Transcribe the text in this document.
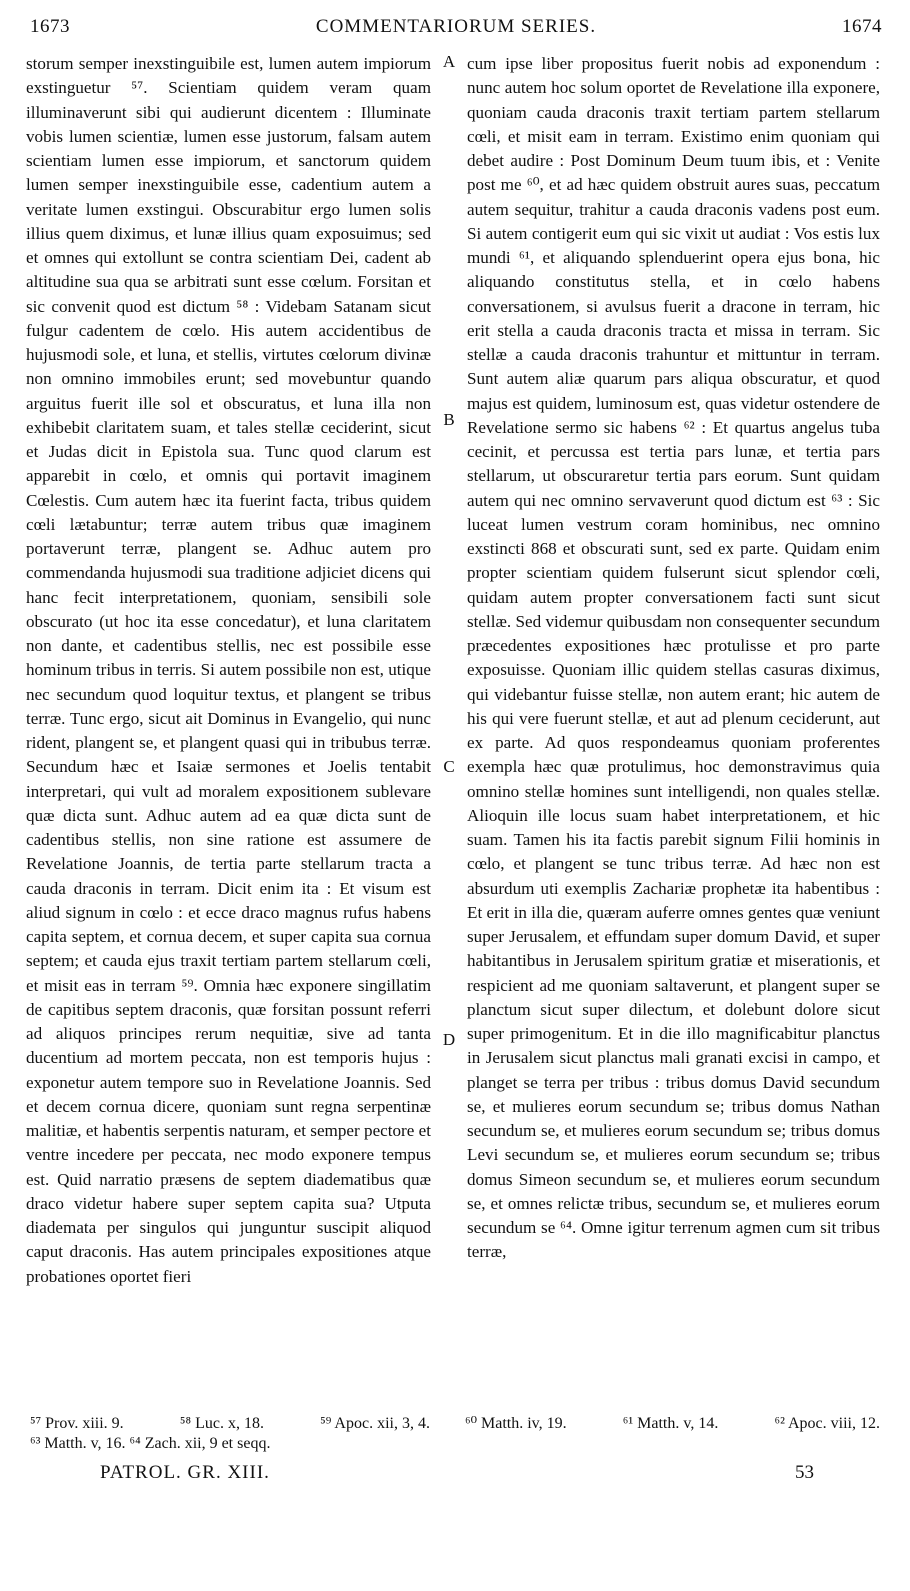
1673	COMMENTARIORUM SERIES.	1674

storum semper inexstinguibile est, lumen autem impiorum exstinguetur ⁵⁷. Scientiam quidem veram quam illuminaverunt sibi qui audierunt dicentem : Illuminate vobis lumen scientiæ, lumen esse justorum, falsam autem scientiam lumen esse impiorum, et sanctorum quidem lumen semper inexstinguibile esse, cadentium autem a veritate lumen exstingui. Obscurabitur ergo lumen solis illius quem diximus, et lunæ illius quam exposuimus; sed et omnes qui extollunt se contra scientiam Dei, cadent ab altitudine sua qua se arbitrati sunt esse cœlum. Forsitan et sic convenit quod est dictum ⁵⁸ : Videbam Satanam sicut fulgur cadentem de cœlo. His autem accidentibus de hujusmodi sole, et luna, et stellis, virtutes cœlorum divinæ non omnino immobiles erunt; sed movebuntur quando arguitus fuerit ille sol et obscuratus, et luna illa non exhibebit claritatem suam, et tales stellæ ceciderint, sicut et Judas dicit in Epistola sua. Tunc quod clarum est apparebit in cœlo, et omnis qui portavit imaginem Cœlestis. Cum autem hæc ita fuerint facta, tribus quidem cœli lætabuntur; terræ autem tribus quæ imaginem portaverunt terræ, plangent se. Adhuc autem pro commendanda hujusmodi sua traditione adjiciet dicens qui hanc fecit interpretationem, quoniam, sensibili sole obscurato (ut hoc ita esse concedatur), et luna claritatem non dante, et cadentibus stellis, nec est possibile esse hominum tribus in terris. Si autem possibile non est, utique nec secundum quod loquitur textus, et plangent se tribus terræ. Tunc ergo, sicut ait Dominus in Evangelio, qui nunc rident, plangent se, et plangent quasi qui in tribubus terræ. Secundum hæc et Isaiæ sermones et Joelis tentabit interpretari, qui vult ad moralem expositionem sublevare quæ dicta sunt. Adhuc autem ad ea quæ dicta sunt de cadentibus stellis, non sine ratione est assumere de Revelatione Joannis, de tertia parte stellarum tracta a cauda draconis in terram. Dicit enim ita : Et visum est aliud signum in cœlo : et ecce draco magnus rufus habens capita septem, et cornua decem, et super capita sua cornua septem; et cauda ejus traxit tertiam partem stellarum cœli, et misit eas in terram ⁵⁹. Omnia hæc exponere singillatim de capitibus septem draconis, quæ forsitan possunt referri ad aliquos principes rerum nequitiæ, sive ad tanta ducentium ad mortem peccata, non est temporis hujus : exponetur autem tempore suo in Revelatione Joannis. Sed et decem cornua dicere, quoniam sunt regna serpentinæ malitiæ, et habentis serpentis naturam, et semper pectore et ventre incedere per peccata, nec modo exponere tempus est. Quid narratio præsens de septem diadematibus quæ draco videtur habere super septem capita sua? Utputa diademata per singulos qui junguntur suscipit aliquod caput draconis. Has autem principales expositiones atque probationes oportet fieri

A
B
C
D

cum ipse liber propositus fuerit nobis ad exponendum : nunc autem hoc solum oportet de Revelatione illa exponere, quoniam cauda draconis traxit tertiam partem stellarum cœli, et misit eam in terram. Existimo enim quoniam qui debet audire : Post Dominum Deum tuum ibis, et : Venite post me ⁶⁰, et ad hæc quidem obstruit aures suas, peccatum autem sequitur, trahitur a cauda draconis vadens post eum. Si autem contigerit eum qui sic vixit ut audiat : Vos estis lux mundi ⁶¹, et aliquando splenduerint opera ejus bona, hic aliquando constitutus stella, et in cœlo habens conversationem, si avulsus fuerit a dracone in terram, hic erit stella a cauda draconis tracta et missa in terram. Sic stellæ a cauda draconis trahuntur et mittuntur in terram. Sunt autem aliæ quarum pars aliqua obscuratur, et quod majus est quidem, luminosum est, quas videtur ostendere de Revelatione sermo sic habens ⁶² : Et quartus angelus tuba cecinit, et percussa est tertia pars lunæ, et tertia pars stellarum, ut obscuraretur tertia pars eorum. Sunt quidam autem qui nec omnino servaverunt quod dictum est ⁶³ : Sic luceat lumen vestrum coram hominibus, nec omnino exstincti 868 et obscurati sunt, sed ex parte. Quidam enim propter scientiam quidem fulserunt sicut splendor cœli, quidam autem propter conversationem facti sunt sicut stellæ. Sed videmur quibusdam non consequenter secundum præcedentes expositiones hæc protulisse et pro parte exposuisse. Quoniam illic quidem stellas casuras diximus, qui videbantur fuisse stellæ, non autem erant; hic autem de his qui vere fuerunt stellæ, et aut ad plenum ceciderunt, aut ex parte. Ad quos respondeamus quoniam proferentes exempla hæc quæ protulimus, hoc demonstravimus quia omnino stellæ homines sunt intelligendi, non quales stellæ. Alioquin ille locus suam habet interpretationem, et hic suam. Tamen his ita factis parebit signum Filii hominis in cœlo, et plangent se tunc tribus terræ. Ad hæc non est absurdum uti exemplis Zachariæ prophetæ ita habentibus : Et erit in illa die, quæram auferre omnes gentes quæ veniunt super Jerusalem, et effundam super domum David, et super habitantibus in Jerusalem spiritum gratiæ et miserationis, et respicient ad me quoniam saltaverunt, et plangent super se planctum sicut super dilectum, et dolebunt dolore sicut super primogenitum. Et in die illo magnificabitur planctus in Jerusalem sicut planctus mali granati excisi in campo, et planget se terra per tribus : tribus domus David secundum se, et mulieres eorum secundum se; tribus domus Nathan secundum se, et mulieres eorum secundum se; tribus domus Levi secundum se, et mulieres eorum secundum se; tribus domus Simeon secundum se, et mulieres eorum secundum se, et omnes relictæ tribus, secundum se, et mulieres eorum secundum se ⁶⁴. Omne igitur terrenum agmen cum sit tribus terræ,

⁵⁷ Prov. xiii. 9.	⁵⁸ Luc. x, 18.	⁵⁹ Apoc. xii, 3, 4.
⁶³ Matth. v, 16. ⁶⁴ Zach. xii, 9 et seqq.
⁶⁰ Matth. iv, 19.	⁶¹ Matth. v, 14.	⁶² Apoc. viii, 12.
PATROL. GR. XIII.	53
